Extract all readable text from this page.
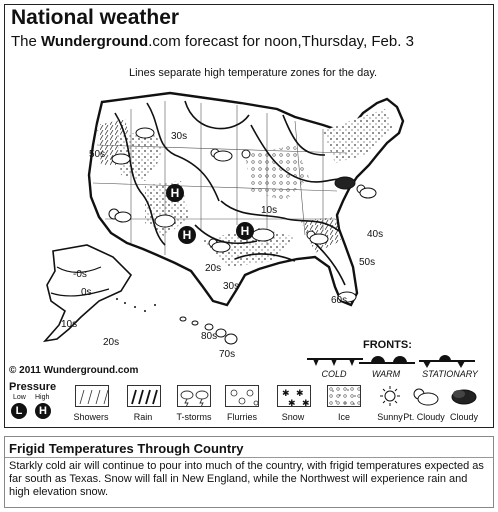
National weather
The Wunderground.com forecast for noon,Thursday, Feb. 3
Lines separate high temperature zones for the day.
H
H	H
30s
50s
10s
20s
40s
50s
30s
60s
-0s
0s
10s
20s
80s
70s
© 2011 Wunderground.com
FRONTS:
COLD	WARM	STATIONARY
Pressure
Low High
L	H	Showers	Rain	T-storms	Flurries
✱ ✱
✱ ✱
Snow	Ice	Sunny Pt. Cloudy Cloudy
Frigid Temperatures Through Country
Starkly cold air will continue to pour into much of the country, with frigid temperatures expected as far south as Texas. Snow will fall in New England, while the Northwest will experience rain and high elevation snow.
